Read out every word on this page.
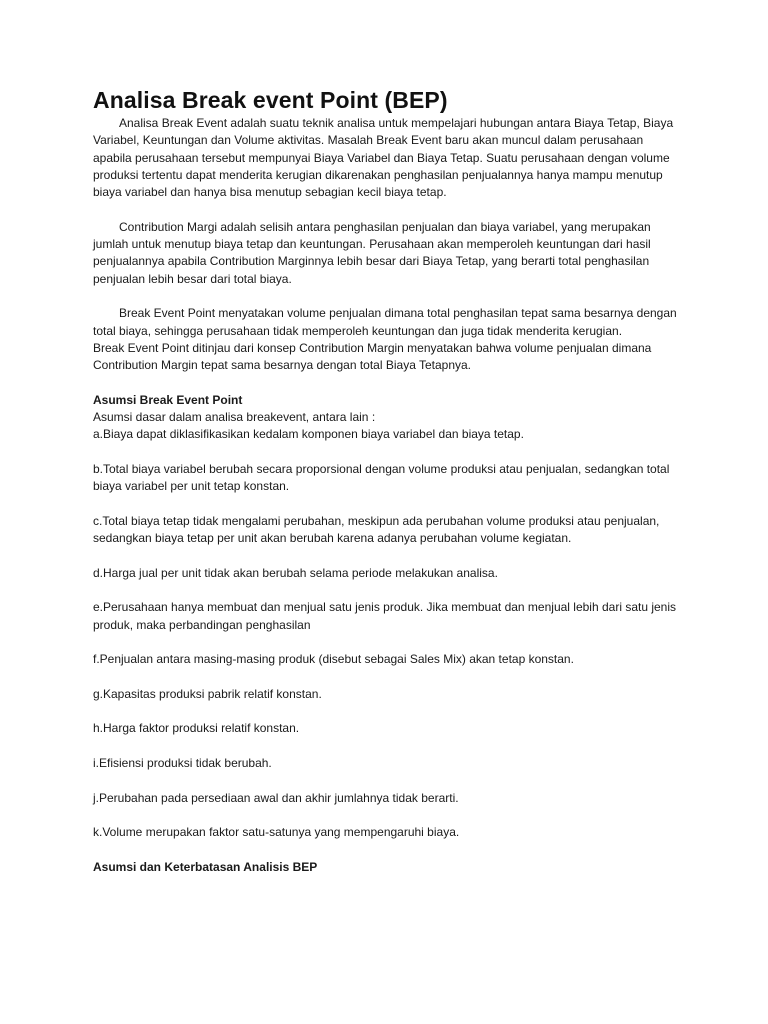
Analisa Break event Point (BEP)

Analisa Break Event adalah suatu teknik analisa untuk mempelajari hubungan antara Biaya Tetap, Biaya Variabel, Keuntungan dan Volume aktivitas. Masalah Break Event baru akan muncul dalam perusahaan apabila perusahaan tersebut mempunyai Biaya Variabel dan Biaya Tetap. Suatu perusahaan dengan volume produksi tertentu dapat menderita kerugian dikarenakan penghasilan penjualannya hanya mampu menutup biaya variabel dan hanya bisa menutup sebagian kecil biaya tetap.

Contribution Margi adalah selisih antara penghasilan penjualan dan biaya variabel, yang merupakan jumlah untuk menutup biaya tetap dan keuntungan. Perusahaan akan memperoleh keuntungan dari hasil penjualannya apabila Contribution Marginnya lebih besar dari Biaya Tetap, yang berarti total penghasilan penjualan lebih besar dari total biaya.

Break Event Point menyatakan volume penjualan dimana total penghasilan tepat sama besarnya dengan total biaya, sehingga perusahaan tidak memperoleh keuntungan dan juga tidak menderita kerugian.

Break Event Point ditinjau dari konsep Contribution Margin menyatakan bahwa volume penjualan dimana Contribution Margin tepat sama besarnya dengan total Biaya Tetapnya.

Asumsi Break Event Point

Asumsi dasar dalam analisa breakevent, antara lain :

a.Biaya dapat diklasifikasikan kedalam komponen biaya variabel dan biaya tetap.

b.Total biaya variabel berubah secara proporsional dengan volume produksi atau penjualan, sedangkan total biaya variabel per unit tetap konstan.

c.Total biaya tetap tidak mengalami perubahan, meskipun ada perubahan volume produksi atau penjualan, sedangkan biaya tetap per unit akan berubah karena adanya perubahan volume kegiatan.

d.Harga jual per unit tidak akan berubah selama periode melakukan analisa.

e.Perusahaan hanya membuat dan menjual satu jenis produk. Jika membuat dan menjual lebih dari satu jenis produk, maka perbandingan penghasilan

f.Penjualan antara masing-masing produk (disebut sebagai Sales Mix) akan tetap konstan.

g.Kapasitas produksi pabrik relatif konstan.

h.Harga faktor produksi relatif konstan.

i.Efisiensi produksi tidak berubah.

j.Perubahan pada persediaan awal dan akhir jumlahnya tidak berarti.

k.Volume merupakan faktor satu-satunya yang mempengaruhi biaya.

Asumsi dan Keterbatasan Analisis BEP
